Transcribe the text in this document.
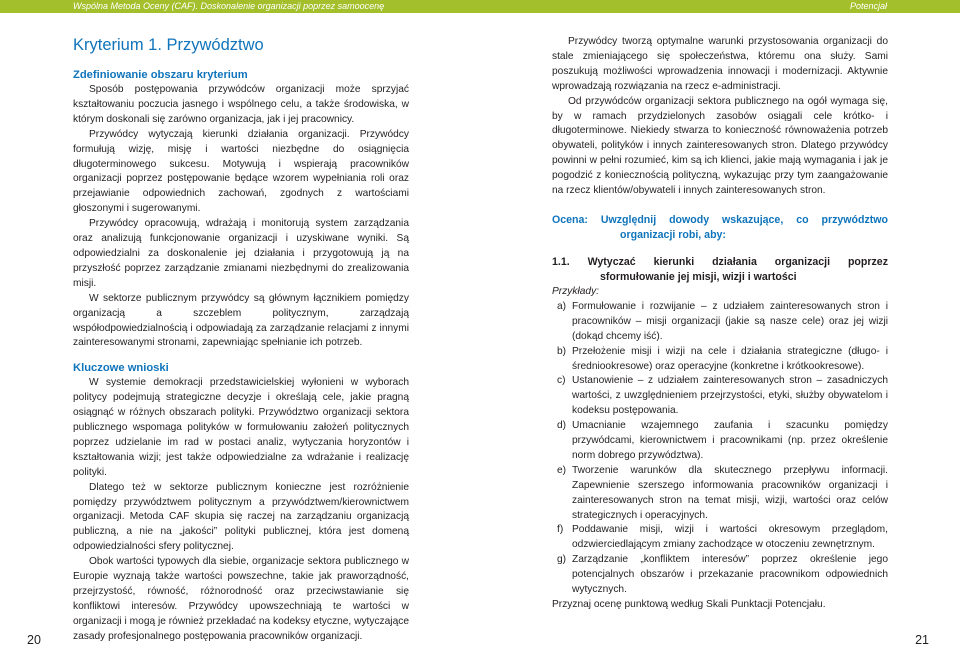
Wspólna Metoda Oceny (CAF). Doskonalenie organizacji poprzez samoocenę	Potencjał
Kryterium 1. Przywództwo
Zdefiniowanie obszaru kryterium

Sposób postępowania przywódców organizacji może sprzyjać kształtowaniu poczucia jasnego i wspólnego celu, a także środowiska, w którym doskonali się zarówno organizacja, jak i jej pracownicy.

Przywódcy wytyczają kierunki działania organizacji. Przywódcy formułują wizję, misję i wartości niezbędne do osiągnięcia długoterminowego sukcesu. Motywują i wspierają pracowników organizacji poprzez postępowanie będące wzorem wypełniania roli oraz przejawianie odpowiednich zachowań, zgodnych z wartościami głoszonymi i sugerowanymi.

Przywódcy opracowują, wdrażają i monitorują system zarządzania oraz analizują funkcjonowanie organizacji i uzyskiwane wyniki. Są odpowiedzialni za doskonalenie jej działania i przygotowują ją na przyszłość poprzez zarządzanie zmianami niezbędnymi do zrealizowania misji.

W sektorze publicznym przywódcy są głównym łącznikiem pomiędzy organizacją a szczeblem politycznym, zarządzają współodpowiedzialnością i odpowiadają za zarządzanie relacjami z innymi zainteresowanymi stronami, zapewniając spełnianie ich potrzeb.

Kluczowe wnioski

W systemie demokracji przedstawicielskiej wyłonieni w wyborach politycy podejmują strategiczne decyzje i określają cele, jakie pragną osiągnąć w różnych obszarach polityki. Przywództwo organizacji sektora publicznego wspomaga polityków w formułowaniu założeń politycznych poprzez udzielanie im rad w postaci analiz, wytyczania horyzontów i kształtowania wizji; jest także odpowiedzialne za wdrażanie i realizację polityki.

Dlatego też w sektorze publicznym konieczne jest rozróżnienie pomiędzy przywództwem politycznym a przywództwem/kierownictwem organizacji. Metoda CAF skupia się raczej na zarządzaniu organizacją publiczną, a nie na „jakości” polityki publicznej, która jest domeną odpowiedzialności sfery politycznej.

Obok wartości typowych dla siebie, organizacje sektora publicznego w Europie wyznają także wartości powszechne, takie jak praworządność, przejrzystość, równość, różnorodność oraz przeciwstawianie się konfliktowi interesów. Przywódcy upowszechniają te wartości w organizacji i mogą je również przekładać na kodeksy etyczne, wytyczające zasady profesjonalnego postępowania pracowników organizacji.

Przywódcy tworzą optymalne warunki przystosowania organizacji do stale zmieniającego się społeczeństwa, któremu ona służy. Sami poszukują możliwości wprowadzenia innowacji i modernizacji. Aktywnie wprowadzają rozwiązania na rzecz e-administracji.

Od przywódców organizacji sektora publicznego na ogół wymaga się, by w ramach przydzielonych zasobów osiągali cele krótko- i długoterminowe. Niekiedy stwarza to konieczność równoważenia potrzeb obywateli, polityków i innych zainteresowanych stron. Dlatego przywódcy powinni w pełni rozumieć, kim są ich klienci, jakie mają wymagania i jak je pogodzić z koniecznością polityczną, wykazując przy tym zaangażowanie na rzecz klientów/obywateli i innych zainteresowanych stron.

Ocena: Uwzględnij dowody wskazujące, co przywództwo organizacji robi, aby:

1.1. Wytyczać kierunki działania organizacji poprzez sformułowanie jej misji, wizji i wartości

Przykłady:

a) Formułowanie i rozwijanie – z udziałem zainteresowanych stron i pracowników – misji organizacji (jakie są nasze cele) oraz jej wizji (dokąd chcemy iść).
b) Przełożenie misji i wizji na cele i działania strategiczne (długo- i średniookresowe) oraz operacyjne (konkretne i krótkookresowe).
c) Ustanowienie – z udziałem zainteresowanych stron – zasadniczych wartości, z uwzględnieniem przejrzystości, etyki, służby obywatelom i kodeksu postępowania.
d) Umacnianie wzajemnego zaufania i szacunku pomiędzy przywódcami, kierownictwem i pracownikami (np. przez określenie norm dobrego przywództwa).
e) Tworzenie warunków dla skutecznego przepływu informacji. Zapewnienie szerszego informowania pracowników organizacji i zainteresowanych stron na temat misji, wizji, wartości oraz celów strategicznych i operacyjnych.
f) Poddawanie misji, wizji i wartości okresowym przeglądom, odzwierciedlającym zmiany zachodzące w otoczeniu zewnętrznym.
g) Zarządzanie „konfliktem interesów” poprzez określenie jego potencjalnych obszarów i przekazanie pracownikom odpowiednich wytycznych.

Przyznaj ocenę punktową według Skali Punktacji Potencjału.

20	21
